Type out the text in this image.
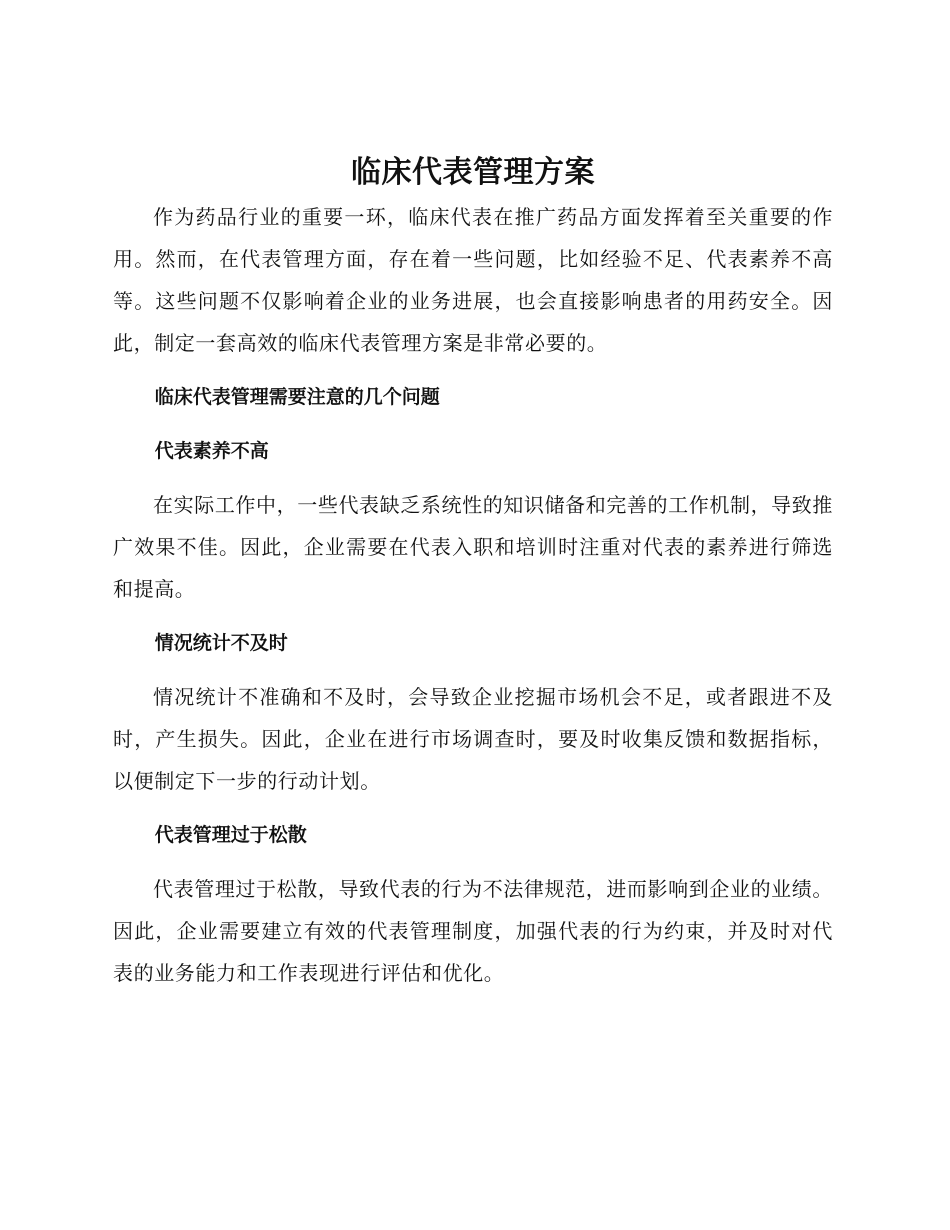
临床代表管理方案

作为药品行业的重要一环，临床代表在推广药品方面发挥着至关重要的作用。然而，在代表管理方面，存在着一些问题，比如经验不足、代表素养不高等。这些问题不仅影响着企业的业务进展，也会直接影响患者的用药安全。因此，制定一套高效的临床代表管理方案是非常必要的。

临床代表管理需要注意的几个问题
代表素养不高

在实际工作中，一些代表缺乏系统性的知识储备和完善的工作机制，导致推广效果不佳。因此，企业需要在代表入职和培训时注重对代表的素养进行筛选和提高。

情况统计不及时

情况统计不准确和不及时，会导致企业挖掘市场机会不足，或者跟进不及时，产生损失。因此，企业在进行市场调查时，要及时收集反馈和数据指标，以便制定下一步的行动计划。

代表管理过于松散

代表管理过于松散，导致代表的行为不法律规范，进而影响到企业的业绩。因此，企业需要建立有效的代表管理制度，加强代表的行为约束，并及时对代表的业务能力和工作表现进行评估和优化。
